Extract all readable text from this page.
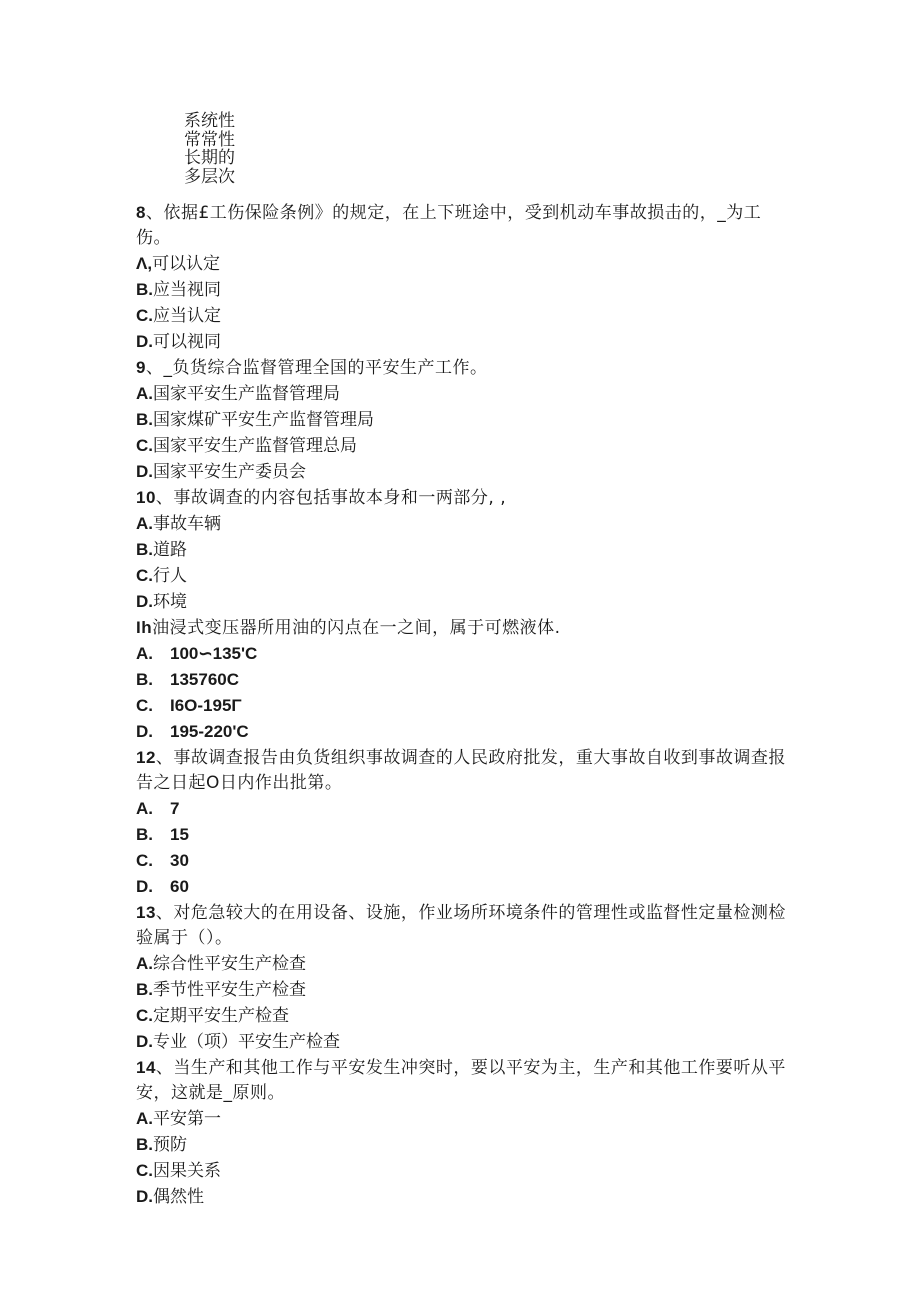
系统性
常常性
长期的
多层次
8、依据£工伤保险条例》的规定，在上下班途中，受到机动车事故损击的，_为工伤。
Λ,可以认定
B.应当视同
C.应当认定
D.可以视同
9、_负货综合监督管理全国的平安生产工作。
A.国家平安生产监督管理局
B.国家煤矿平安生产监督管理局
C.国家平安生产监督管理总局
D.国家平安生产委员会
10、事故调查的内容包括事故本身和一两部分, ,
A.事故车辆
B.道路
C.行人
D.环境
Ih油浸式变压器所用油的闪点在一之间，属于可燃液体.
A. 100∽135'C
B. 135760C
C. I6O-195Γ
D. 195-220'C
12、事故调查报告由负货组织事故调查的人民政府批发，重大事故自收到事故调查报告之日起O日内作出批第。
A. 7
B. 15
C. 30
D. 60
13、对危急较大的在用设备、设施，作业场所环境条件的管理性或监督性定量检测检验属于（）。
A.综合性平安生产检查
B.季节性平安生产检查
C.定期平安生产检查
D.专业（项）平安生产检查
14、当生产和其他工作与平安发生冲突时，要以平安为主，生产和其他工作要听从平安，这就是_原则。
A.平安第一
B.预防
C.因果关系
D.偶然性
